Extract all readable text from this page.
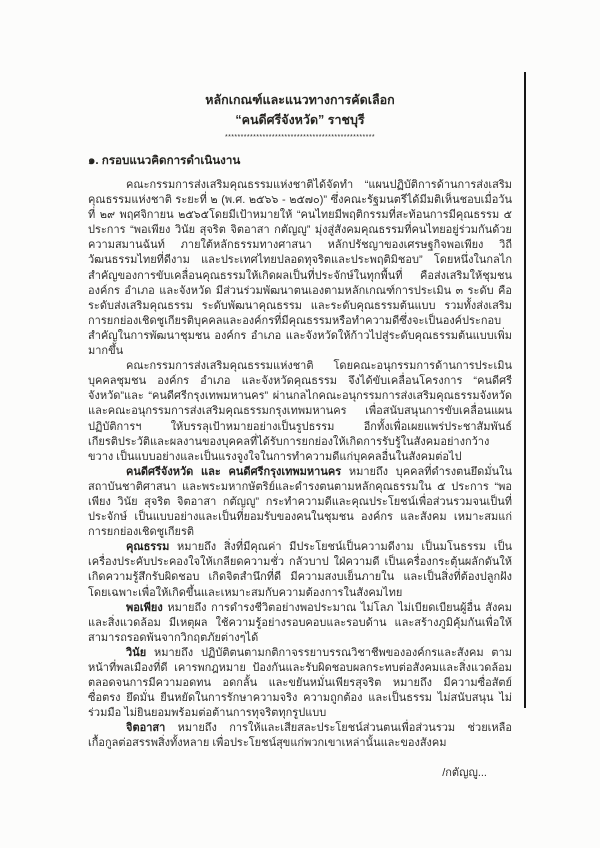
หลักเกณฑ์และแนวทางการคัดเลือก
“คนดีศรีจังหวัด” ราชบุรี
************************************************
๑. กรอบแนวคิดการดำเนินงาน

คณะกรรมการส่งเสริมคุณธรรมแห่งชาติได้จัดทำ “แผนปฏิบัติการด้านการส่งเสริมคุณธรรมแห่งชาติ ระยะที่ ๒ (พ.ศ. ๒๕๖๖ - ๒๕๗๐)” ซึ่งคณะรัฐมนตรีได้มีมติเห็นชอบเมื่อวันที่ ๒๙ พฤศจิกายน ๒๕๖๕โดยมีเป้าหมายให้ “คนไทยมีพฤติกรรมที่สะท้อนการมีคุณธรรม ๕ ประการ “พอเพียง วินัย สุจริต จิตอาสา กตัญญู” มุ่งสู่สังคมคุณธรรมที่คนไทยอยู่ร่วมกันด้วยความสมานฉันท์ ภายใต้หลักธรรมทางศาสนา หลักปรัชญาของเศรษฐกิจพอเพียง วิถีวัฒนธรรมไทยที่ดีงาม และประเทศไทยปลอดทุจริตและประพฤติมิชอบ” โดยหนึ่งในกลไกสำคัญของการขับเคลื่อนคุณธรรมให้เกิดผลเป็นที่ประจักษ์ในทุกพื้นที่ คือส่งเสริมให้ชุมชน องค์กร อำเภอ และจังหวัด มีส่วนร่วมพัฒนาตนเองตามหลักเกณฑ์การประเมิน ๓ ระดับ คือ ระดับส่งเสริมคุณธรรม ระดับพัฒนาคุณธรรม และระดับคุณธรรมต้นแบบ รวมทั้งส่งเสริมการยกย่องเชิดชูเกียรติบุคคลและองค์กรที่มีคุณธรรมหรือทำความดีซึ่งจะเป็นองค์ประกอบสำคัญในการพัฒนาชุมชน องค์กร อำเภอ และจังหวัดให้ก้าวไปสู่ระดับคุณธรรมต้นแบบเพิ่มมากขึ้น

คณะกรรมการส่งเสริมคุณธรรมแห่งชาติ โดยคณะอนุกรรมการด้านการประเมินบุคคลชุมชน องค์กร อำเภอ และจังหวัดคุณธรรม จึงได้ขับเคลื่อนโครงการ “คนดีศรีจังหวัด”และ “คนดีศรีกรุงเทพมหานคร” ผ่านกลไกคณะอนุกรรมการส่งเสริมคุณธรรมจังหวัดและคณะอนุกรรมการส่งเสริมคุณธรรมกรุงเทพมหานคร เพื่อสนับสนุนการขับเคลื่อนแผนปฏิบัติการฯ ให้บรรลุเป้าหมายอย่างเป็นรูปธรรม อีกทั้งเพื่อเผยแพร่ประชาสัมพันธ์เกียรติประวัติและผลงานของบุคคลที่ได้รับการยกย่องให้เกิดการรับรู้ในสังคมอย่างกว้างขวาง เป็นแบบอย่างและเป็นแรงจูงใจในการทำความดีแก่บุคคลอื่นในสังคมต่อไป

คนดีศรีจังหวัด และ คนดีศรีกรุงเทพมหานคร หมายถึง บุคคลที่ดำรงตนยึดมั่นในสถาบันชาติศาสนา และพระมหากษัตริย์และดำรงตนตามหลักคุณธรรมใน ๕ ประการ “พอเพียง วินัย สุจริต จิตอาสา กตัญญู” กระทำความดีและคุณประโยชน์เพื่อส่วนรวมจนเป็นที่ประจักษ์ เป็นแบบอย่างและเป็นที่ยอมรับของคนในชุมชน องค์กร และสังคม เหมาะสมแก่การยกย่องเชิดชูเกียรติ

คุณธรรม หมายถึง สิ่งที่มีคุณค่า มีประโยชน์เป็นความดีงาม เป็นมโนธรรม เป็นเครื่องประคับประคองใจให้เกลียดความชั่ว กลัวบาป ใฝ่ความดี เป็นเครื่องกระตุ้นผลักดันให้เกิดความรู้สึกรับผิดชอบ เกิดจิตสำนึกที่ดี มีความสงบเย็นภายใน และเป็นสิ่งที่ต้องปลูกฝังโดยเฉพาะเพื่อให้เกิดขึ้นและเหมาะสมกับความต้องการในสังคมไทย

พอเพียง หมายถึง การดำรงชีวิตอย่างพอประมาณ ไม่โลภ ไม่เบียดเบียนผู้อื่น สังคม และสิ่งแวดล้อม มีเหตุผล ใช้ความรู้อย่างรอบคอบและรอบด้าน และสร้างภูมิคุ้มกันเพื่อให้สามารถรอดพ้นจากวิกฤตภัยต่างๆได้

วินัย หมายถึง ปฏิบัติตนตามกติกาจรรยาบรรณวิชาชีพขององค์กรและสังคม ตามหน้าที่พลเมืองที่ดี เคารพกฎหมาย ป้องกันและรับผิดชอบผลกระทบต่อสังคมและสิ่งแวดล้อม ตลอดจนการมีความอดทน อดกลั้น และขยันหมั่นเพียรสุจริต หมายถึง มีความซื่อสัตย์ ซื่อตรง ยึดมั่น ยืนหยัดในการรักษาความจริง ความถูกต้อง และเป็นธรรม ไม่สนับสนุน ไม่ร่วมมือ ไม่ยินยอมพร้อมต่อต้านการทุจริตทุกรูปแบบ

จิตอาสา หมายถึง การให้และเสียสละประโยชน์ส่วนตนเพื่อส่วนรวม ช่วยเหลือเกื้อกูลต่อสรรพสิ่งทั้งหลาย เพื่อประโยชน์สุขแก่พวกเขาเหล่านั้นและของสังคม

/กตัญญู...
